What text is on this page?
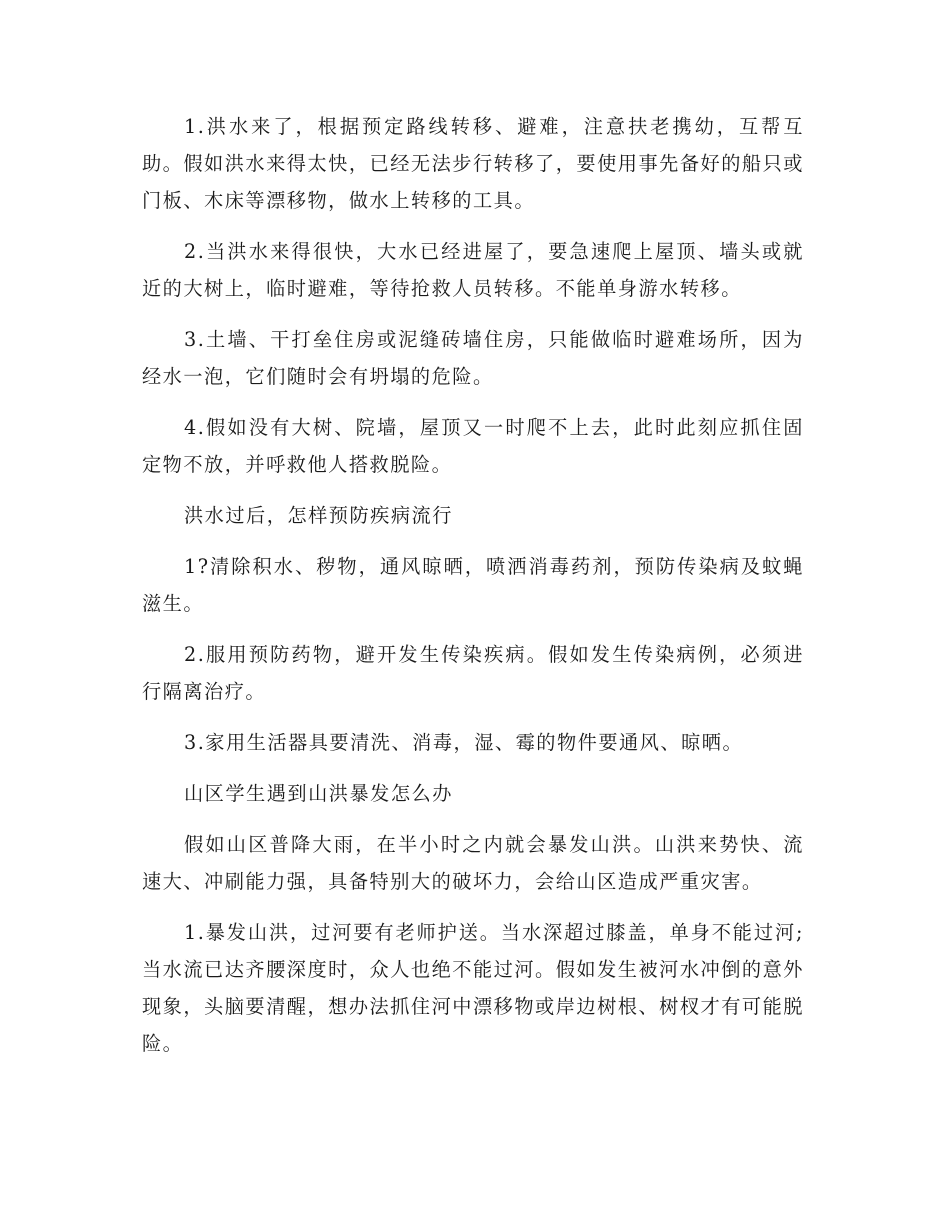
1.洪水来了，根据预定路线转移、避难，注意扶老携幼，互帮互助。假如洪水来得太快，已经无法步行转移了，要使用事先备好的船只或门板、木床等漂移物，做水上转移的工具。

2.当洪水来得很快，大水已经进屋了，要急速爬上屋顶、墙头或就近的大树上，临时避难，等待抢救人员转移。不能单身游水转移。

3.土墙、干打垒住房或泥缝砖墙住房，只能做临时避难场所，因为经水一泡，它们随时会有坍塌的危险。

4.假如没有大树、院墙，屋顶又一时爬不上去，此时此刻应抓住固定物不放，并呼救他人搭救脱险。

洪水过后，怎样预防疾病流行

1?清除积水、秽物，通风晾晒，喷洒消毒药剂，预防传染病及蚊蝇滋生。

2.服用预防药物，避开发生传染疾病。假如发生传染病例，必须进行隔离治疗。

3.家用生活器具要清洗、消毒，湿、霉的物件要通风、晾晒。

山区学生遇到山洪暴发怎么办

假如山区普降大雨，在半小时之内就会暴发山洪。山洪来势快、流速大、冲刷能力强，具备特别大的破坏力，会给山区造成严重灾害。

1.暴发山洪，过河要有老师护送。当水深超过膝盖，单身不能过河;当水流已达齐腰深度时，众人也绝不能过河。假如发生被河水冲倒的意外现象，头脑要清醒，想办法抓住河中漂移物或岸边树根、树杈才有可能脱险。
